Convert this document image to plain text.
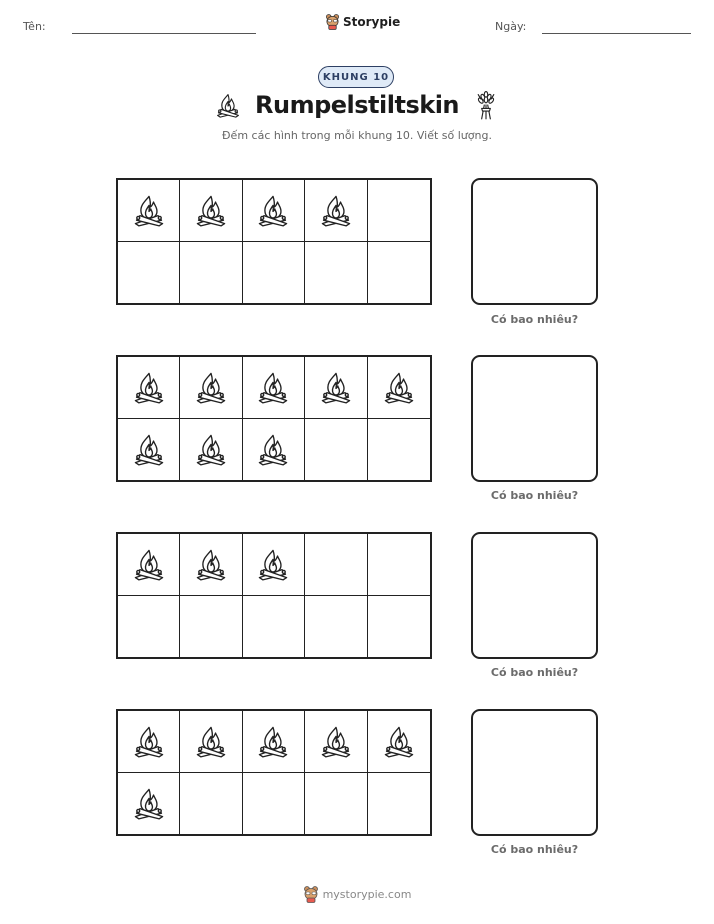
Tên:	Storypie	Ngày:
KHUNG 10
Rumpelstiltskin
Đếm các hình trong mỗi khung 10. Viết số lượng.
Có bao nhiêu?
Có bao nhiêu?
Có bao nhiêu?
Có bao nhiêu?
mystorypie.com
